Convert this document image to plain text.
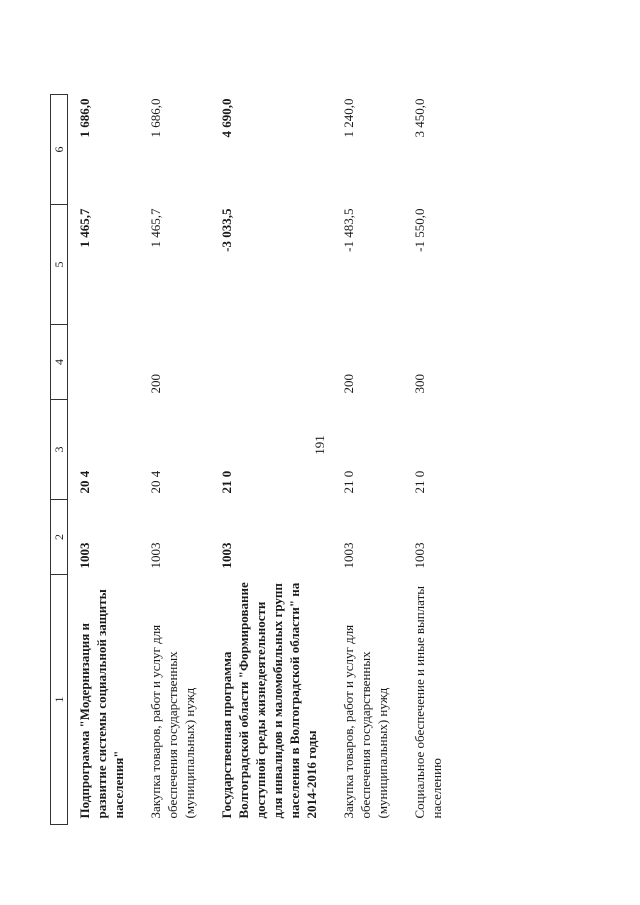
191
1	2	3	4	5	6
Подпрограмма "Модернизация и развитие системы социальной защиты населения"	1003	20 4		1 465,7	1 686,0
Закупка товаров, работ и услуг для обеспечения государственных (муниципальных) нужд	1003	20 4	200	1 465,7	1 686,0
Государственная программа Волгоградской области "Формирование доступной среды жизнедеятельности для инвалидов и маломобильных групп населения в Волгоградской области" на 2014-2016 годы	1003	21 0		-3 033,5	4 690,0
Закупка товаров, работ и услуг для обеспечения государственных (муниципальных) нужд	1003	21 0	200	-1 483,5	1 240,0
Социальное обеспечение и иные выплаты населению	1003	21 0	300	-1 550,0	3 450,0
